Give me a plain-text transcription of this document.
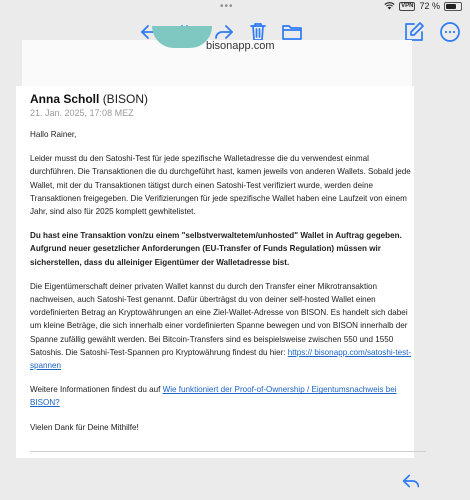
•••	VPN 72 %
bisonapp.com
Anna Scholl (BISON)
21. Jan. 2025, 17:08 MEZ

Hallo Rainer,

Leider musst du den Satoshi-Test für jede spezifische Walletadresse die du verwendest einmal durchführen. Die Transaktionen die du durchgeführt hast, kamen jeweils von anderen Wallets. Sobald jede Wallet, mit der du Transaktionen tätigst durch einen Satoshi-Test verifiziert wurde, werden deine Transaktionen freigegeben. Die Verifizierungen für jede spezifische Wallet haben eine Laufzeit von einem Jahr, sind also für 2025 komplett gewhitelistet.

Du hast eine Transaktion von/zu einem "selbstverwaltetem/unhosted" Wallet in Auftrag gegeben. Aufgrund neuer gesetzlicher Anforderungen (EU-Transfer of Funds Regulation) müssen wir sicherstellen, dass du alleiniger Eigentümer der Walletadresse bist.

Die Eigentümerschaft deiner privaten Wallet kannst du durch den Transfer einer Mikrotransaktion nachweisen, auch Satoshi-Test genannt. Dafür überträgst du von deiner self-hosted Wallet einen vordefinierten Betrag an Kryptowährungen an eine Ziel-Wallet-Adresse von BISON. Es handelt sich dabei um kleine Beträge, die sich innerhalb einer vordefinierten Spanne bewegen und von BISON innerhalb der Spanne zufällig gewählt werden. Bei Bitcoin-Transfers sind es beispielsweise zwischen 550 und 1550 Satoshis. Die Satoshi-Test-Spannen pro Kryptowährung findest du hier: https:// bisonapp.com/satoshi-test-spannen

Weitere Informationen findest du auf Wie funktioniert der Proof-of-Ownership / Eigentumsnachweis bei BISON?

Vielen Dank für Deine Mithilfe!
